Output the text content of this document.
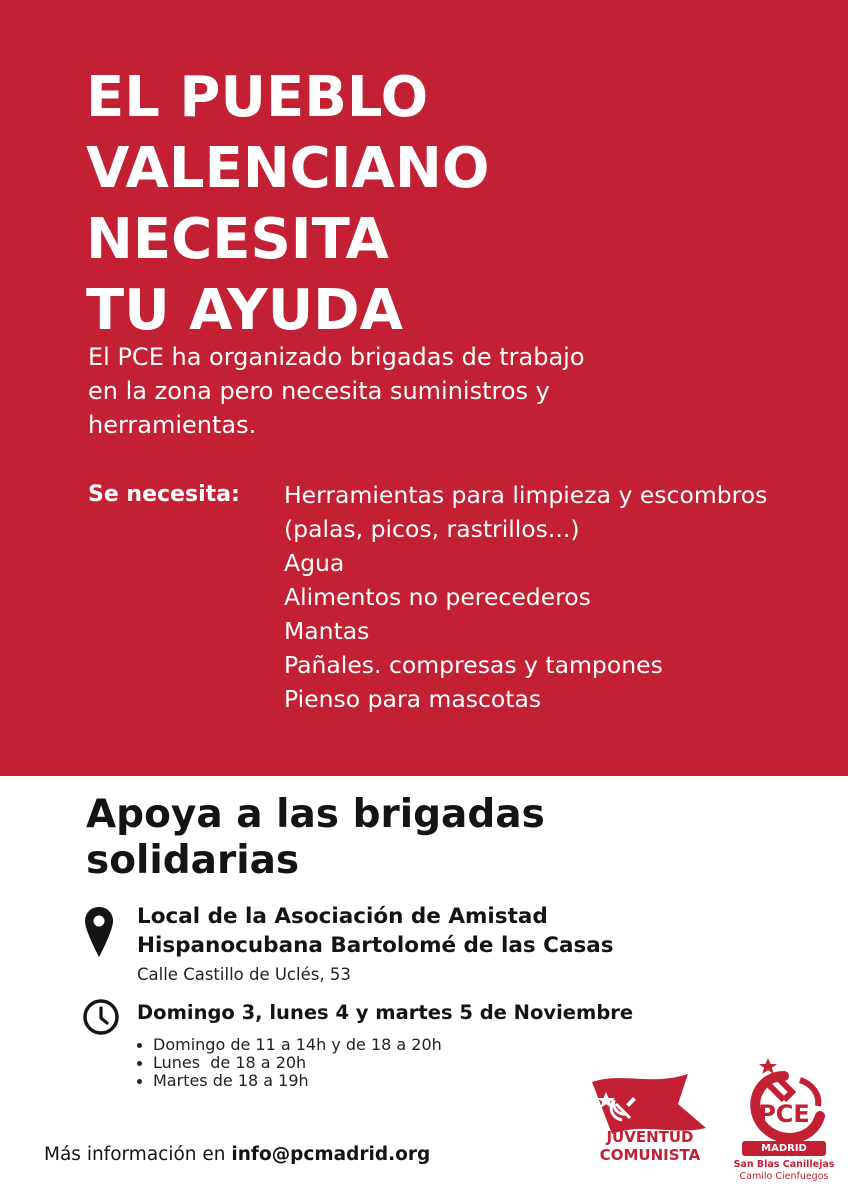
EL PUEBLO
VALENCIANO
NECESITA
TU AYUDA

El PCE ha organizado brigadas de trabajo en la zona pero necesita suministros y herramientas.

Se necesita: Herramientas para limpieza y escombros (palas, picos, rastrillos...)
Agua
Alimentos no perecederos
Mantas
Pañales. compresas y tampones
Pienso para mascotas
Apoya a las brigadas
solidarias
Local de la Asociación de Amistad
Hispanocubana Bartolomé de las Casas
Calle Castillo de Uclés, 53
Domingo 3, lunes 4 y martes 5 de Noviembre
Domingo de 11 a 14h y de 18 a 20h
Lunes  de 18 a 20h
Martes de 18 a 19h
Más información en info@pcmadrid.org
JUVENTUD
COMUNISTA
PCE
MADRID
San Blas Canillejas
Camilo Cienfuegos
